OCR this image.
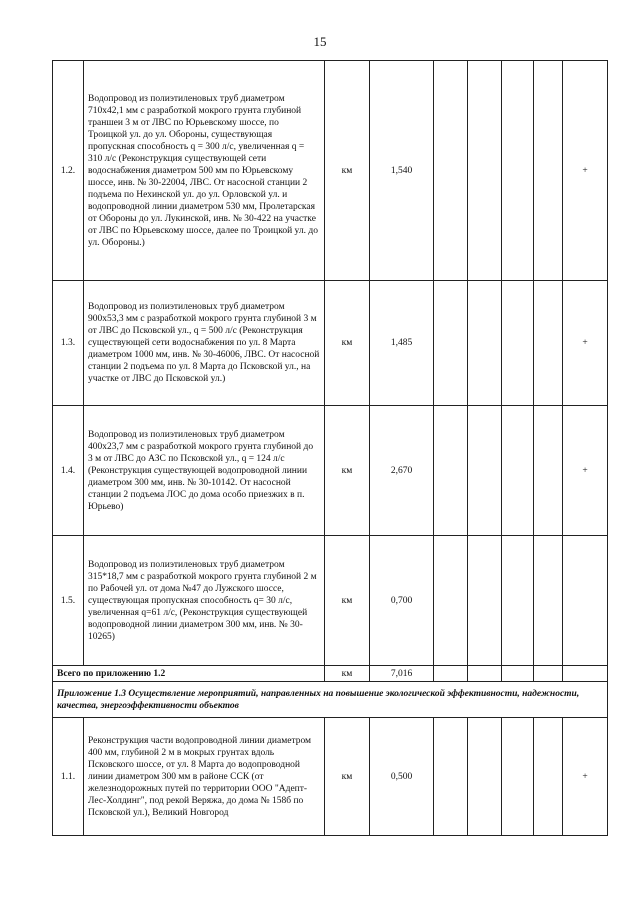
15
1.2.	Водопровод из полиэтиленовых труб диаметром 710х42,1 мм с разработкой мокрого грунта глубиной траншеи 3 м от ЛВС по Юрьевскому шоссе, по Троицкой ул. до ул. Обороны, существующая пропускная способность q = 300 л/с, увеличенная q = 310 л/с (Реконструкция существующей сети водоснабжения диаметром 500 мм по Юрьевскому шоссе, инв. № 30-22004, ЛВС. От насосной станции 2 подъема по Нехинской ул. до ул. Орловской ул. и водопроводной линии диаметром 530 мм, Пролетарская от Обороны до ул. Лукинской, инв. № 30-422 на участке от ЛВС по Юрьевскому шоссе, далее по Троицкой ул. до ул. Обороны.)	км	1,540					+
1.3.	Водопровод из полиэтиленовых труб диаметром 900х53,3 мм с разработкой мокрого грунта глубиной 3 м от ЛВС до Псковской ул., q = 500 л/с (Реконструкция существующей сети водоснабжения по ул. 8 Марта диаметром 1000 мм, инв. № 30-46006, ЛВС. От насосной станции 2 подъема по ул. 8 Марта до Псковской ул., на участке от ЛВС до Псковской ул.)	км	1,485					+
1.4.	Водопровод из полиэтиленовых труб диаметром 400х23,7 мм с разработкой мокрого грунта глубиной до 3 м от ЛВС до АЗС по Псковской ул., q = 124 л/с (Реконструкция существующей водопроводной линии диаметром 300 мм, инв. № 30-10142. От насосной станции 2 подъема ЛОС до дома особо приезжих в п. Юрьево)	км	2,670					+
1.5.	Водопровод из полиэтиленовых труб диаметром 315*18,7 мм с разработкой мокрого грунта глубиной 2 м по Рабочей ул. от дома №47 до Лужского шоссе, существующая пропускная способность q= 30 л/с, увеличенная q=61 л/с, (Реконструкция существующей водопроводной линии диаметром 300 мм, инв. № 30-10265)	км	0,700					
Всего по приложению 1.2		км	7,016					
Приложение 1.3 Осуществление мероприятий, направленных на повышение экологической эффективности, надежности, качества, энергоэффективности объектов								
1.1.	Реконструкция части водопроводной линии диаметром 400 мм, глубиной 2 м в мокрых грунтах вдоль Псковского шоссе, от ул. 8 Марта до водопроводной линии диаметром 300 мм в районе ССК (от железнодорожных путей по территории ООО "Адепт-Лес-Холдинг", под рекой Веряжа, до дома № 158б по Псковской ул.), Великий Новгород	км	0,500					+
